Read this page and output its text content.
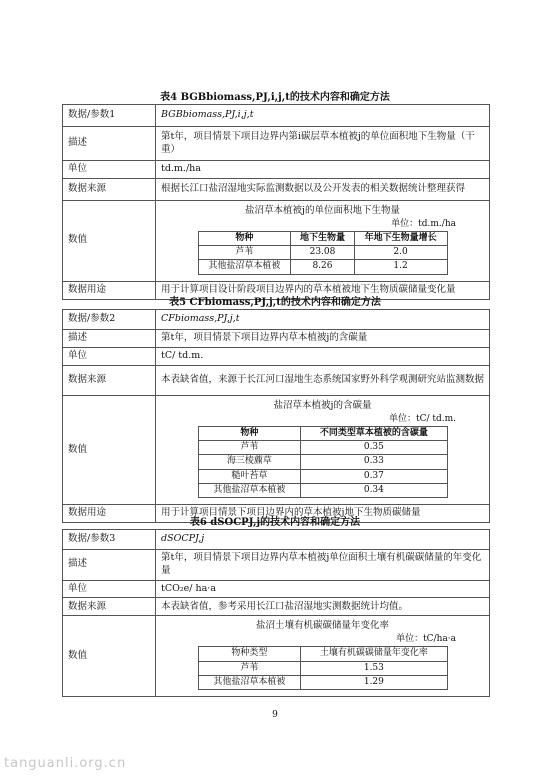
表4 BGBbiomass,PJ,i,j,t的技术内容和确定方法
数据/参数1	BGBbiomass,PJ,i,j,t
描述	第t年，项目情景下项目边界内第i碳层草本植被j的单位面积地下生物量（干重）
单位	td.m./ha
数据来源	根据长江口盐沼湿地实际监测数据以及公开发表的相关数据统计整理获得
数值	
盐沼草本植被j的单位面积地下生物量
单位：td.m./ha
物种	地下生物量	年地下生物量增长
芦苇	23.08	2.0
其他盐沼草本植被	8.26	1.2

数据用途	用于计算项目设计阶段项目边界内的草本植被地下生物质碳储量变化量
表5 CFbiomass,PJ,j,t的技术内容和确定方法
数据/参数2	CFbiomass,PJ,j,t
描述	第t年，项目情景下项目边界内草本植被j的含碳量
单位	tC/ td.m.
数据来源	本表缺省值，来源于长江河口湿地生态系统国家野外科学观测研究站监测数据
数值	
盐沼草本植被j的含碳量
单位：tC/ td.m.
物种	不同类型草本植被的含碳量
芦苇	0.35
海三棱藨草	0.33
糙叶苔草	0.37
其他盐沼草本植被	0.34

数据用途	用于计算项目情景下项目边界内的草本植被j地下生物质碳储量
表6 dSOCPJ,j的技术内容和确定方法
数据/参数3	dSOCPJ,j
描述	第t年，项目情景下项目边界内草本植被j单位面积土壤有机碳碳储量的年变化量
单位	tCO₂e/ ha·a
数据来源	本表缺省值，参考采用长江口盐沼湿地实测数据统计均值。
数值	
盐沼土壤有机碳碳储量年变化率
单位：tC/ha·a
物种类型	土壤有机碳碳储量年变化率
芦苇	1.53
其他盐沼草本植被	1.29
9
tanguanli.org.cn
